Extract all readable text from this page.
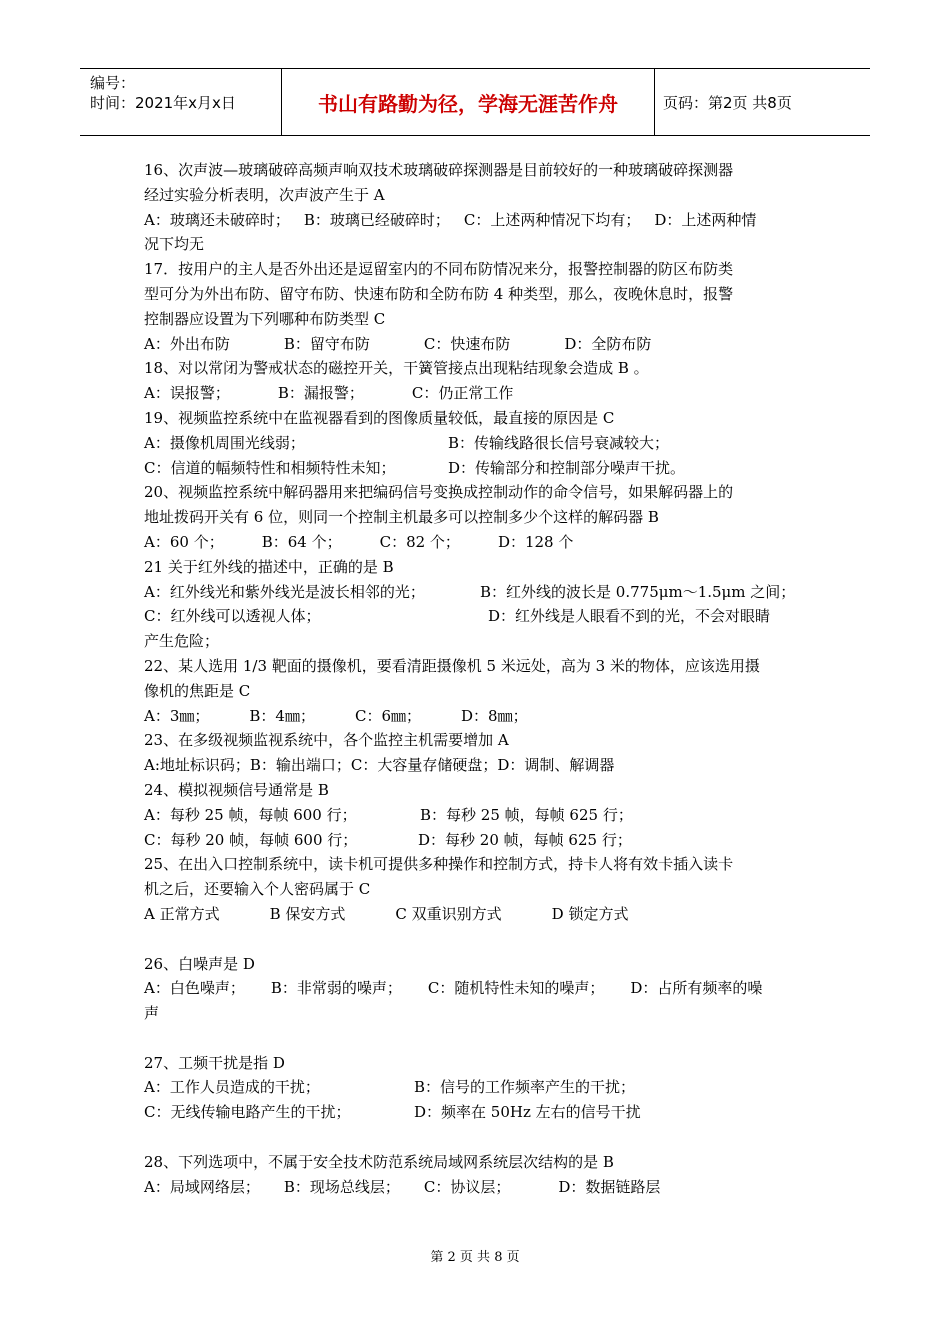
编号：
时间：2021年x月x日	书山有路勤为径，学海无涯苦作舟	页码：第2页 共8页
16、次声波—玻璃破碎高频声响双技术玻璃破碎探测器是目前较好的一种玻璃破碎探测器
经过实验分析表明，次声波产生于 A
A：玻璃还未破碎时； B：玻璃已经破碎时； C：上述两种情况下均有； D：上述两种情
况下均无
17．按用户的主人是否外出还是逗留室内的不同布防情况来分，报警控制器的防区布防类
型可分为外出布防、留守布防、快速布防和全防布防 4 种类型，那么，夜晚休息时，报警
控制器应设置为下列哪种布防类型 C
A：外出布防	B：留守布防	C：快速布防	D：全防布防
18、对以常闭为警戒状态的磁控开关，干簧管接点出现粘结现象会造成 B 。
A：误报警；	B：漏报警；	C：仍正常工作
19、视频监控系统中在监视器看到的图像质量较低，最直接的原因是 C
A：摄像机周围光线弱；	B：传输线路很长信号衰减较大；
C：信道的幅频特性和相频特性未知；	D：传输部分和控制部分噪声干扰。
20、视频监控系统中解码器用来把编码信号变换成控制动作的命令信号，如果解码器上的
地址拨码开关有 6 位，则同一个控制主机最多可以控制多少个这样的解码器 B
A：60 个；	B：64 个；	C：82 个；	D：128 个
21 关于红外线的描述中，正确的是 B
A：红外线光和紫外线光是波长相邻的光；	B：红外线的波长是 0.775μm～1.5μm 之间；
C：红外线可以透视人体；	D：红外线是人眼看不到的光，不会对眼睛
产生危险；
22、某人选用 1/3 靶面的摄像机，要看清距摄像机 5 米远处，高为 3 米的物体，应该选用摄
像机的焦距是 C
A：3㎜；	B：4㎜；	C：6㎜；	D：8㎜；
23、在多级视频监视系统中，各个监控主机需要增加 A
A:地址标识码；B：输出端口；C：大容量存储硬盘；D：调制、解调器
24、模拟视频信号通常是 B
A：每秒 25 帧，每帧 600 行；	B：每秒 25 帧，每帧 625 行；
C：每秒 20 帧，每帧 600 行；	D：每秒 20 帧，每帧 625 行；
25、在出入口控制系统中，读卡机可提供多种操作和控制方式，持卡人将有效卡插入读卡
机之后，还要输入个人密码属于 C
A 正常方式	B 保安方式	C 双重识别方式	D 锁定方式
26、白噪声是 D
A：白色噪声； B：非常弱的噪声； C：随机特性未知的噪声； D：占所有频率的噪
声
27、工频干扰是指 D
A：工作人员造成的干扰；	B：信号的工作频率产生的干扰；
C：无线传输电路产生的干扰；	D：频率在 50Hz 左右的信号干扰
28、下列选项中，不属于安全技术防范系统局域网系统层次结构的是 B
A：局域网络层； B：现场总线层； C：协议层；	D：数据链路层
第 2 页 共 8 页
